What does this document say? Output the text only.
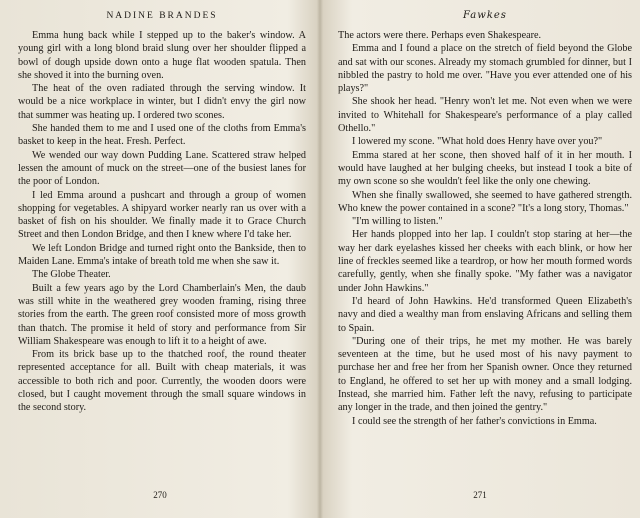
NADINE BRANDES

Emma hung back while I stepped up to the baker's window. A young girl with a long blond braid slung over her shoulder flipped a bowl of dough upside down onto a huge flat wooden spatula. Then she shoved it into the burning oven.

The heat of the oven radiated through the serving window. It would be a nice workplace in winter, but I didn't envy the girl now that summer was heating up. I ordered two scones.

She handed them to me and I used one of the cloths from Emma's basket to keep in the heat. Fresh. Perfect.

We wended our way down Pudding Lane. Scattered straw helped lessen the amount of muck on the street—one of the busiest lanes for the poor of London.

I led Emma around a pushcart and through a group of women shopping for vegetables. A shipyard worker nearly ran us over with a basket of fish on his shoulder. We finally made it to Grace Church Street and then London Bridge, and then I knew where I'd take her.

We left London Bridge and turned right onto the Bankside, then to Maiden Lane. Emma's intake of breath told me when she saw it.

The Globe Theater.

Built a few years ago by the Lord Chamberlain's Men, the daub was still white in the weathered grey wooden framing, rising three stories from the earth. The green roof consisted more of moss growth than thatch. The promise it held of story and performance from Sir William Shakespeare was enough to lift it to a height of awe.

From its brick base up to the thatched roof, the round theater represented acceptance for all. Built with cheap materials, it was accessible to both rich and poor. Currently, the wooden doors were closed, but I caught movement through the small square windows in the second story.

270
Fawkes

The actors were there. Perhaps even Shakespeare.

Emma and I found a place on the stretch of field beyond the Globe and sat with our scones. Already my stomach grumbled for dinner, but I nibbled the pastry to hold me over. "Have you ever attended one of his plays?"

She shook her head. "Henry won't let me. Not even when we were invited to Whitehall for Shakespeare's performance of a play called Othello."

I lowered my scone. "What hold does Henry have over you?"

Emma stared at her scone, then shoved half of it in her mouth. I would have laughed at her bulging cheeks, but instead I took a bite of my own scone so she wouldn't feel like the only one chewing.

When she finally swallowed, she seemed to have gathered strength. Who knew the power contained in a scone? "It's a long story, Thomas."

"I'm willing to listen."

Her hands plopped into her lap. I couldn't stop staring at her—the way her dark eyelashes kissed her cheeks with each blink, or how her line of freckles seemed like a teardrop, or how her mouth formed words carefully, gently, when she finally spoke. "My father was a navigator under John Hawkins."

I'd heard of John Hawkins. He'd transformed Queen Elizabeth's navy and died a wealthy man from enslaving Africans and selling them to Spain.

"During one of their trips, he met my mother. He was barely seventeen at the time, but he used most of his navy payment to purchase her and free her from her Spanish owner. Once they returned to England, he offered to set her up with money and a small lodging. Instead, she married him. Father left the navy, refusing to participate any longer in the trade, and then joined the gentry."

I could see the strength of her father's convictions in Emma.

271
